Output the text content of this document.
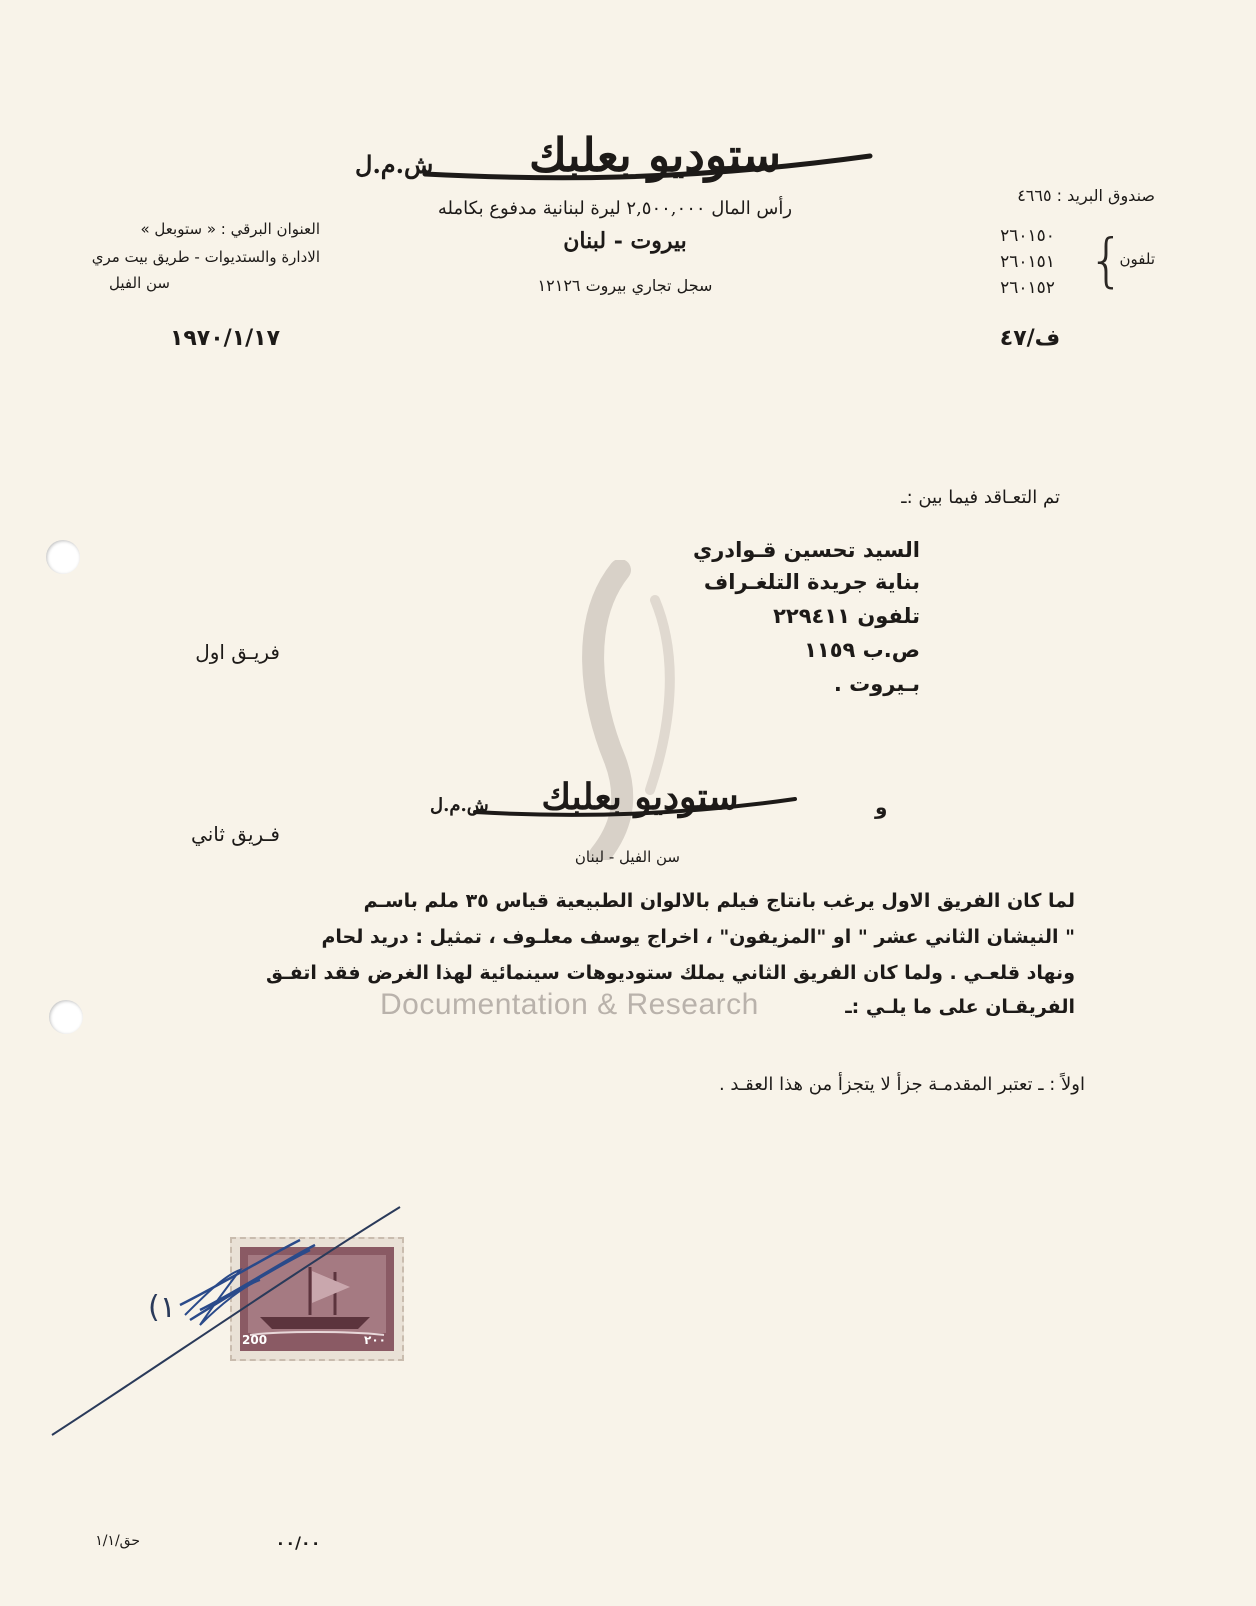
Documentation & Research
ستوديو بعلبك
ش.م.ل
رأس المال ٢,٥٠٠,٠٠٠ ليرة لبنانية مدفوع بكامله
بيروت - لبنان
سجل تجاري بيروت ١٢١٢٦
صندوق البريد : ٤٦٦٥
تلفون
{
٢٦٠١٥٠
٢٦٠١٥١
٢٦٠١٥٢
ف/٤٧
العنوان البرقي : « ستوبعل »
الادارة والستديوات - طريق بيت مري
سن الفيل
١٩٧٠/١/١٧
تم التعـاقد فيما بين :ـ
السيد تحسين قـوادري
بناية جريدة التلغـراف
تلفون ٢٢٩٤١١
ص.ب ١١٥٩
بـيروت .
فريـق اول
و
ستوديو بعلبك
ش.م.ل
سن الفيل - لبنان
فـريق ثاني
لما كان الفريق الاول يرغب بانتاج فيلم بالالوان الطبيعية قياس ٣٥ ملم باسـم
" النيشان الثاني عشر " او "المزيفون" ، اخراج يوسف معلـوف ، تمثيل : دريد لحام
ونهاد قلعـي . ولما كان الفريق الثاني يملك ستوديوهات سينمائية لهذا الغرض فقد اتفـق
الفريقـان على ما يلـي :ـ
اولاً : ـ تعتبر المقدمـة جزأ لا يتجزأ من هذا العقـد .
200	٢٠٠
(١
حق/١/١	٠٠/٠٠
